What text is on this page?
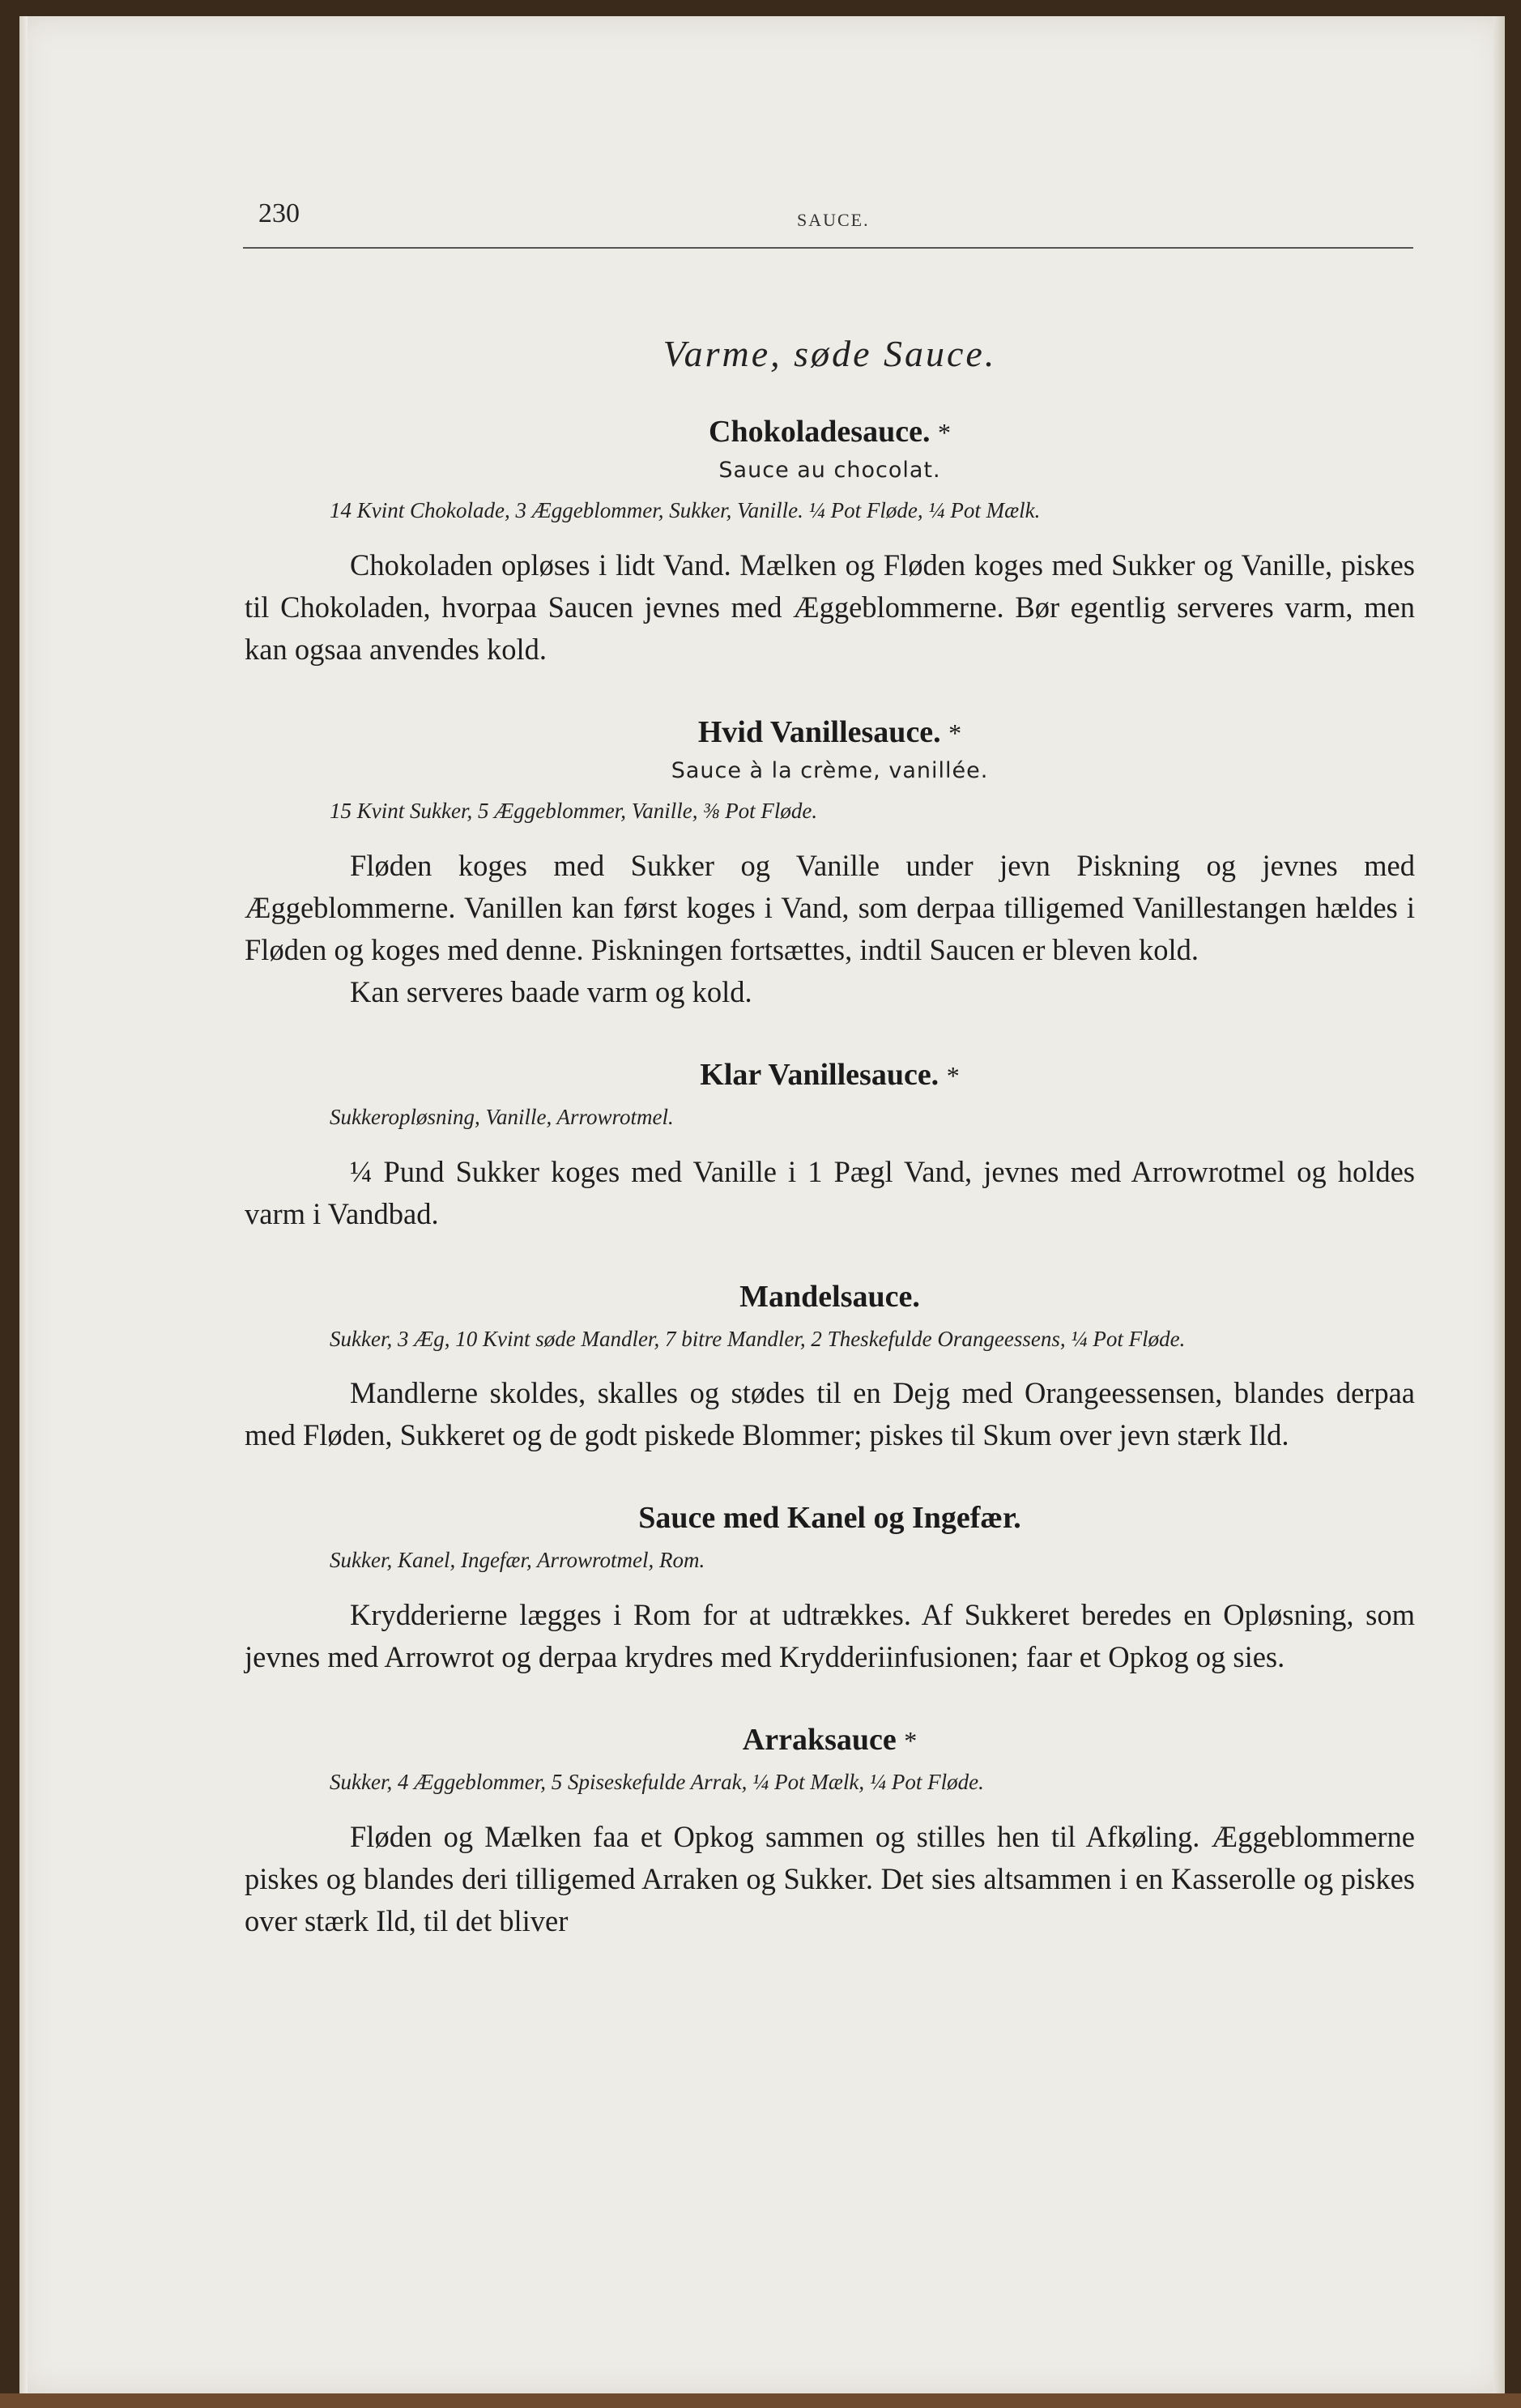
230	SAUCE.
Varme, søde Sauce.
Chokoladesauce. *
Sauce au chocolat.
14 Kvint Chokolade, 3 Æggeblommer, Sukker, Vanille. ¼ Pot Fløde, ¼ Pot Mælk.

Chokoladen opløses i lidt Vand. Mælken og Fløden koges med Sukker og Vanille, piskes til Chokoladen, hvorpaa Saucen jevnes med Æggeblommerne. Bør egentlig serveres varm, men kan ogsaa anvendes kold.

Hvid Vanillesauce. *
Sauce à la crème, vanillée.
15 Kvint Sukker, 5 Æggeblommer, Vanille, ⅜ Pot Fløde.

Fløden koges med Sukker og Vanille under jevn Piskning og jevnes med Æggeblommerne. Vanillen kan først koges i Vand, som derpaa tilligemed Vanillestangen hældes i Fløden og koges med denne. Piskningen fortsættes, indtil Saucen er bleven kold.

Kan serveres baade varm og kold.

Klar Vanillesauce. *
Sukkeropløsning, Vanille, Arrowrotmel.

¼ Pund Sukker koges med Vanille i 1 Pægl Vand, jevnes med Arrowrotmel og holdes varm i Vandbad.

Mandelsauce.
Sukker, 3 Æg, 10 Kvint søde Mandler, 7 bitre Mandler, 2 Theskefulde Orangeessens, ¼ Pot Fløde.

Mandlerne skoldes, skalles og stødes til en Dejg med Orangeessensen, blandes derpaa med Fløden, Sukkeret og de godt piskede Blommer; piskes til Skum over jevn stærk Ild.

Sauce med Kanel og Ingefær.
Sukker, Kanel, Ingefær, Arrowrotmel, Rom.

Krydderierne lægges i Rom for at udtrækkes. Af Sukkeret beredes en Opløsning, som jevnes med Arrowrot og derpaa krydres med Krydderiinfusionen; faar et Opkog og sies.

Arraksauce *
Sukker, 4 Æggeblommer, 5 Spiseskefulde Arrak, ¼ Pot Mælk, ¼ Pot Fløde.

Fløden og Mælken faa et Opkog sammen og stilles hen til Afkøling. Æggeblommerne piskes og blandes deri tilligemed Arraken og Sukker. Det sies altsammen i en Kasserolle og piskes over stærk Ild, til det bliver
